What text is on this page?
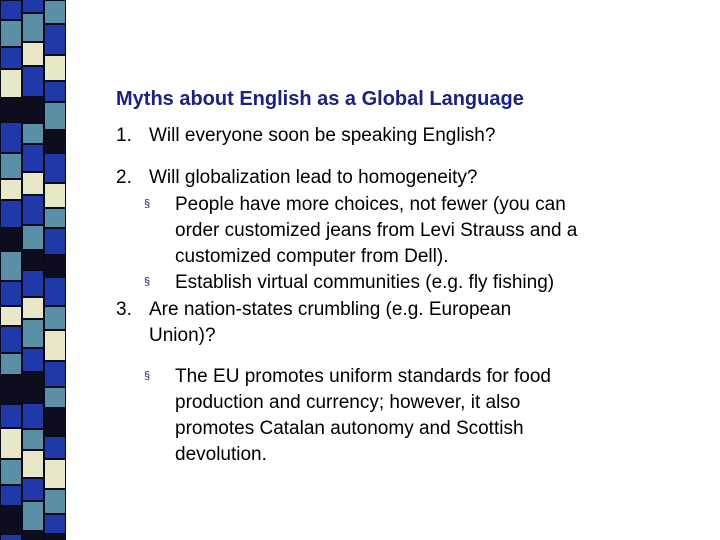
Myths about English as a Global Language
1. Will everyone soon be speaking English?
2. Will globalization lead to homogeneity?
§ People have more choices, not fewer (you can
order customized jeans from Levi Strauss and a
customized computer from Dell).
§ Establish virtual communities (e.g. fly fishing)
3. Are nation-states crumbling (e.g. European
Union)?
§ The EU promotes uniform standards for food
production and currency; however, it also
promotes Catalan autonomy and Scottish
devolution.
